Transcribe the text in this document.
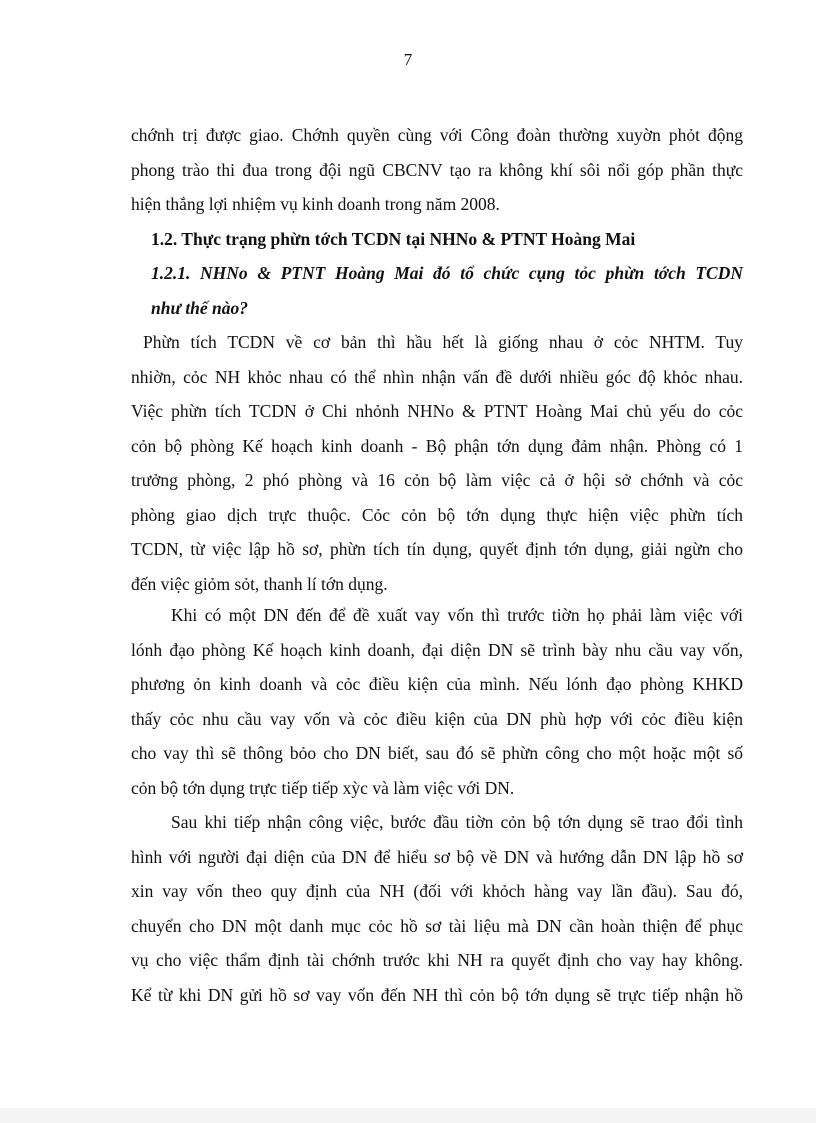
7
chớnh trị được giao. Chớnh quyền cùng với Công đoàn thường xuyờn phỏt động
phong trào thi đua trong đội ngũ CBCNV tạo ra không khí sôi nổi góp phần thực
hiện thắng lợi nhiệm vụ kinh doanh trong năm 2008.
1.2. Thực trạng phừn tớch TCDN tại NHNo & PTNT Hoàng Mai
1.2.1. NHNo & PTNT Hoàng Mai đó tổ chức cụng tỏc phừn tớch TCDN
như thế nào?
Phừn tích TCDN về cơ bản thì hầu hết là giống nhau ở cỏc NHTM. Tuy
nhiờn, cỏc NH khỏc nhau có thể nhìn nhận vấn đề dưới nhiều góc độ khỏc nhau.
Việc phừn tích TCDN ở Chi nhỏnh NHNo & PTNT Hoàng Mai chủ yếu do cỏc
cỏn bộ phòng Kế hoạch kinh doanh - Bộ phận tớn dụng đảm nhận. Phòng có 1
trưởng phòng, 2 phó phòng và 16 cỏn bộ làm việc cả ở hội sở chớnh và cỏc
phòng giao dịch trực thuộc. Cỏc cỏn bộ tớn dụng thực hiện việc phừn tích
TCDN, từ việc lập hồ sơ, phừn tích tín dụng, quyết định tớn dụng, giải ngừn cho
đến việc giỏm sỏt, thanh lí tớn dụng.
Khi có một DN đến để đề xuất vay vốn thì trước tiờn họ phải làm việc với
lónh đạo phòng Kế hoạch kinh doanh, đại diện DN sẽ trình bày nhu cầu vay vốn,
phương ỏn kinh doanh và cỏc điều kiện của mình. Nếu lónh đạo phòng KHKD
thấy cỏc nhu cầu vay vốn và cỏc điều kiện của DN phù hợp với cỏc điều kiện
cho vay thì sẽ thông bỏo cho DN biết, sau đó sẽ phừn công cho một hoặc một số
cỏn bộ tớn dụng trực tiếp tiếp xỳc và làm việc với DN.
Sau khi tiếp nhận công việc, bước đầu tiờn cỏn bộ tớn dụng sẽ trao đổi tình
hình với người đại diện của DN để hiểu sơ bộ về DN và hướng dẫn DN lập hồ sơ
xin vay vốn theo quy định của NH (đối với khỏch hàng vay lần đầu). Sau đó,
chuyển cho DN một danh mục cỏc hồ sơ tài liệu mà DN cần hoàn thiện để phục
vụ cho việc thẩm định tài chớnh trước khi NH ra quyết định cho vay hay không.
Kể từ khi DN gửi hồ sơ vay vốn đến NH thì cỏn bộ tớn dụng sẽ trực tiếp nhận hồ
